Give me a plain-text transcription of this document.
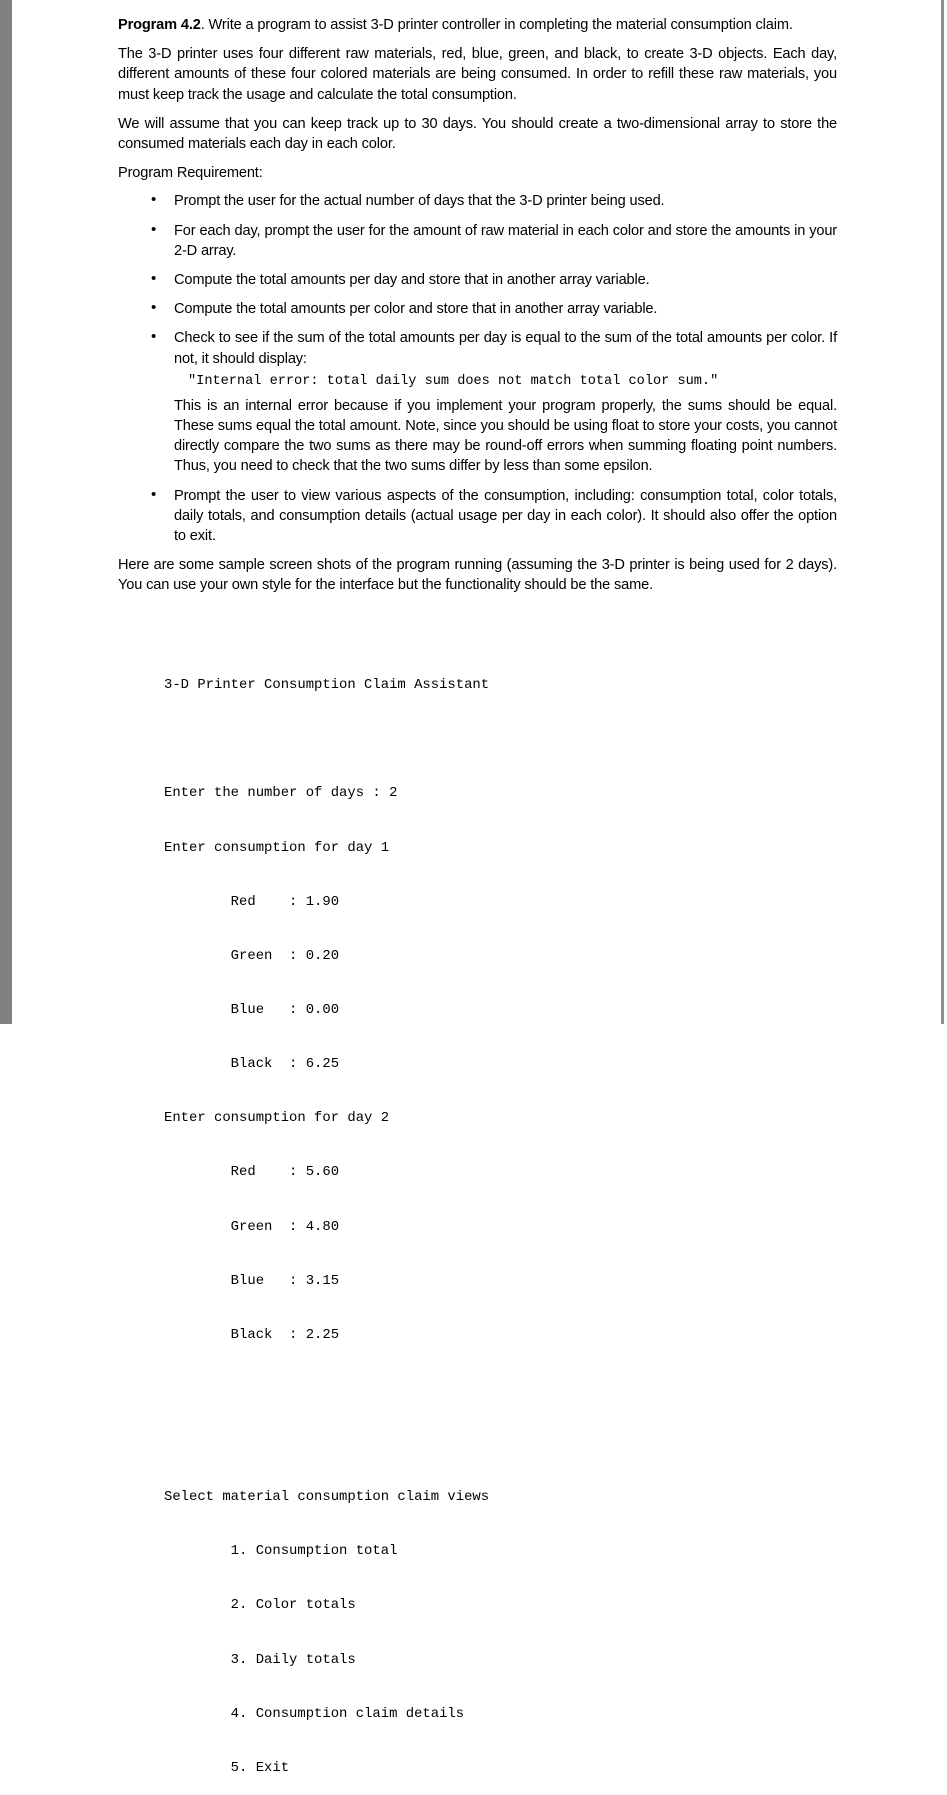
Program 4.2. Write a program to assist 3-D printer controller in completing the material consumption claim.

The 3-D printer uses four different raw materials, red, blue, green, and black, to create 3-D objects. Each day, different amounts of these four colored materials are being consumed. In order to refill these raw materials, you must keep track the usage and calculate the total consumption.

We will assume that you can keep track up to 30 days. You should create a two-dimensional array to store the consumed materials each day in each color.

Program Requirement:

• Prompt the user for the actual number of days that the 3-D printer being used.
• For each day, prompt the user for the amount of raw material in each color and store the amounts in your 2-D array.
• Compute the total amounts per day and store that in another array variable.
• Compute the total amounts per color and store that in another array variable.

• Check to see if the sum of the total amounts per day is equal to the sum of the total amounts per color. If not, it should display:

"Internal error: total daily sum does not match total color sum."
This is an internal error because if you implement your program properly, the sums should be equal. These sums equal the total amount. Note, since you should be using float to store your costs, you cannot directly compare the two sums as there may be round-off errors when summing floating point numbers. Thus, you need to check that the two sums differ by less than some epsilon.
• Prompt the user to view various aspects of the consumption, including: consumption total, color totals, daily totals, and consumption details (actual usage per day in each color). It should also offer the option to exit.

Here are some sample screen shots of the program running (assuming the 3-D printer is being used for 2 days). You can use your own style for the interface but the functionality should be the same.

3-D Printer Consumption Claim Assistant

Enter the number of days : 2

Enter consumption for day 1

Red    : 1.90

Green  : 0.20

Blue   : 0.00

Black  : 6.25

Enter consumption for day 2

Red    : 5.60

Green  : 4.80

Blue   : 3.15

Black  : 2.25

Select material consumption claim views

1. Consumption total

2. Color totals

3. Daily totals

4. Consumption claim details

5. Exit
